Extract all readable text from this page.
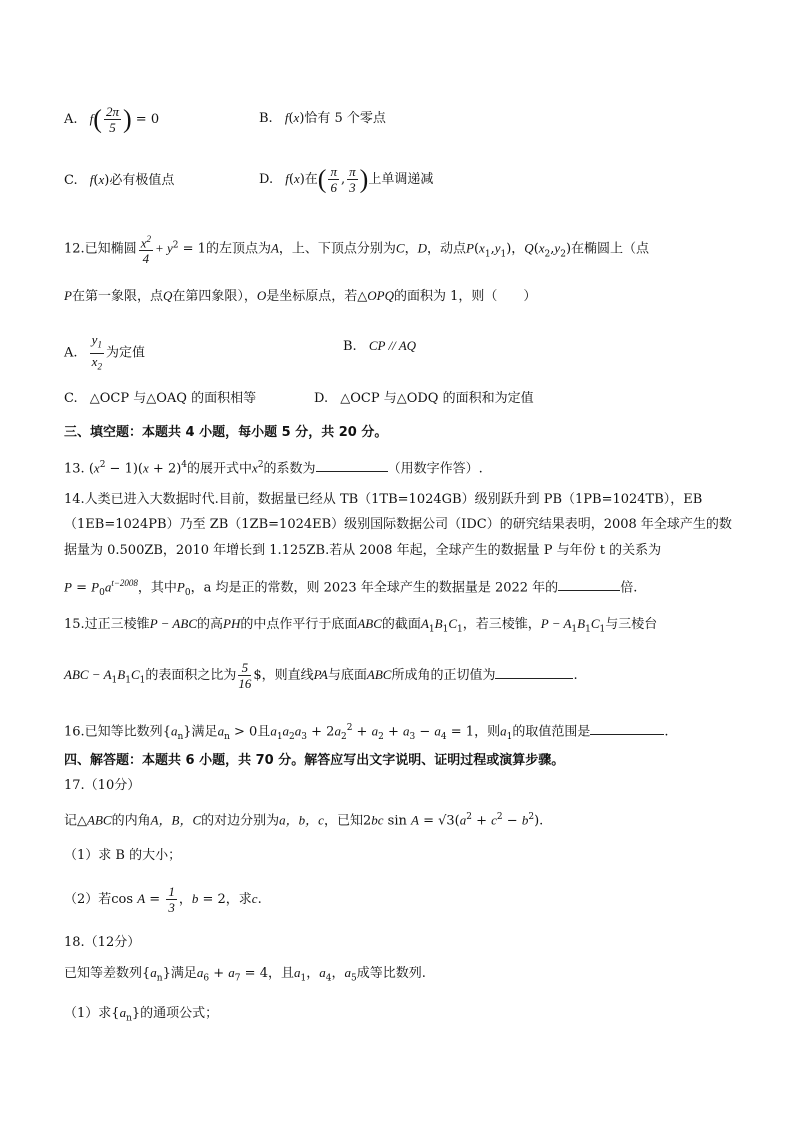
A. $f( \frac{2\pi}{5}$ ) = 0	B. f(x)恰有 5 个零点
C. f(x)必有极值点	D. f(x)在( $\frac{\pi}{6}$ , $\frac{\pi}{3}$ )上单调递减
12.已知椭圆 $\frac{x^2}{4} + y^2 = 1$的左顶点为A，上、下顶点分别为C，D，动点$P(x_1,y_1)$，$Q(x_2,y_2)$在椭圆上（点
P在第一象限，点Q在第四象限），O是坐标原点，若△OPQ的面积为 1，则（　　）
A. $\frac{y_1}{x_2}$ 为定值	B. CP // AQ
C. △OCP 与△OAQ 的面积相等	D. △OCP 与△ODQ 的面积和为定值
三、填空题：本题共 4 小题，每小题 5 分，共 20 分。
13. $(x^2 - 1)(x + 2)^4$的展开式中$x^2$的系数为	（用数字作答）.
14.人类已进入大数据时代.目前，数据量已经从 TB（1TB=1024GB）级别跃升到 PB（1PB=1024TB），EB
（1EB=1024PB）乃至 ZB（1ZB=1024EB）级别国际数据公司（IDC）的研究结果表明，2008 年全球产生的数
据量为 0.500ZB，2010 年增长到 1.125ZB.若从 2008 年起，全球产生的数据量 P 与年份 t 的关系为
$P = P_0a^{t-2008}$，其中$P_0$，a 均是正的常数，则 2023 年全球产生的数据量是 2022 年的	倍.
15.过正三棱锥P − ABC的高PH的中点作平行于底面ABC的截面$A_1B_1C_1$，若三棱锥，$P - A_1B_1C_1$与三棱台
ABC − $A_1B_1C_1$的表面积之比为 $\frac{5}{16}$ $，则直线PA与底面ABC所成角的正切值为	.
16.已知等比数列$\{a_n\}$满足$a_n > 0$且$a_1a_2a_3 + 2a_2^2 + a_2 + a_3 - a_4 = 1$，则$a_1$的取值范围是	.
四、解答题：本题共 6 小题，共 70 分。解答应写出文字说明、证明过程或演算步骤。
17.（10分）
记△ABC的内角A，B，C的对边分别为a，b，c，已知2bc $\sin A = √3(a^2 + c^2 - b^2)$.
（1）求 B 的大小；
（2）若$\cos A = \frac{1}{3}$ ，b = 2，求c.
18.（12分）
已知等差数列$\{a_n\}$满足$a_6 + a_7 = 4$，且$a_1$，$a_4$，$a_5$成等比数列.
（1）求$\{a_n\}$的通项公式；
